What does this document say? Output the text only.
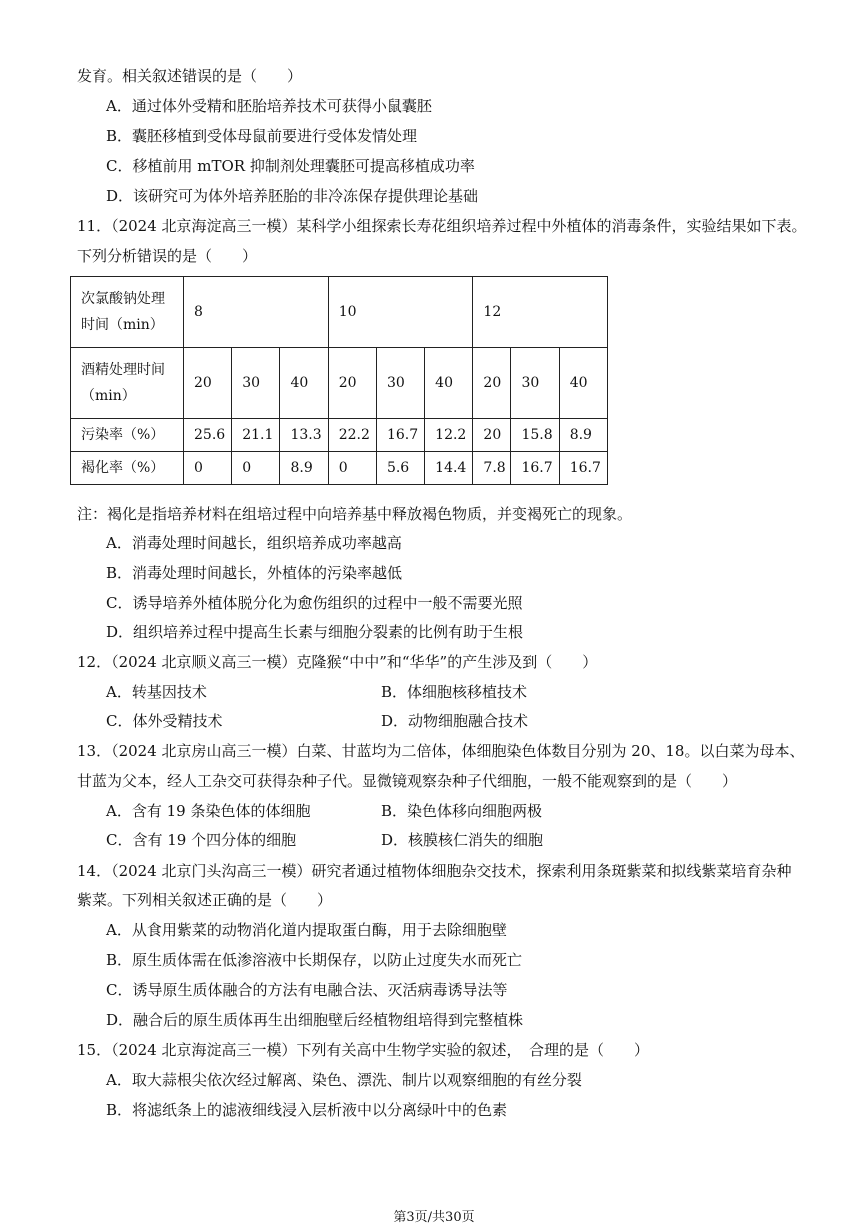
发育。相关叙述错误的是（　　）
A．通过体外受精和胚胎培养技术可获得小鼠囊胚
B．囊胚移植到受体母鼠前要进行受体发情处理
C．移植前用 mTOR 抑制剂处理囊胚可提高移植成功率
D．该研究可为体外培养胚胎的非冷冻保存提供理论基础
11．（2024 北京海淀高三一模）某科学小组探索长寿花组织培养过程中外植体的消毒条件，实验结果如下表。
下列分析错误的是（　　）
次氯酸钠处理
时间（min）	8			10			12		
酒精处理时间
（min）	20	30	40	20	30	40	20	30	40
污染率（%）	25.6	21.1	13.3	22.2	16.7	12.2	20	15.8	8.9
褐化率（%）	0	0	8.9	0	5.6	14.4	7.8	16.7	16.7
注：褐化是指培养材料在组培过程中向培养基中释放褐色物质，并变褐死亡的现象。
A．消毒处理时间越长，组织培养成功率越高
B．消毒处理时间越长，外植体的污染率越低
C．诱导培养外植体脱分化为愈伤组织的过程中一般不需要光照
D．组织培养过程中提高生长素与细胞分裂素的比例有助于生根
12．（2024 北京顺义高三一模）克隆猴“中中”和“华华”的产生涉及到（　　）
A．转基因技术	B．体细胞核移植技术
C．体外受精技术	D．动物细胞融合技术
13．（2024 北京房山高三一模）白菜、甘蓝均为二倍体，体细胞染色体数目分别为 20、18。以白菜为母本、
甘蓝为父本，经人工杂交可获得杂种子代。显微镜观察杂种子代细胞，一般不能观察到的是（　　）
A．含有 19 条染色体的体细胞	B．染色体移向细胞两极
C．含有 19 个四分体的细胞	D．核膜核仁消失的细胞
14．（2024 北京门头沟高三一模）研究者通过植物体细胞杂交技术，探索利用条斑紫菜和拟线紫菜培育杂种
紫菜。下列相关叙述正确的是（　　）
A．从食用紫菜的动物消化道内提取蛋白酶，用于去除细胞壁
B．原生质体需在低渗溶液中长期保存，以防止过度失水而死亡
C．诱导原生质体融合的方法有电融合法、灭活病毒诱导法等
D．融合后的原生质体再生出细胞壁后经植物组培得到完整植株
15．（2024 北京海淀高三一模）下列有关高中生物学实验的叙述，　合理的是（　　）
A．取大蒜根尖依次经过解离、染色、漂洗、制片以观察细胞的有丝分裂
B．将滤纸条上的滤液细线浸入层析液中以分离绿叶中的色素
第3页/共30页
